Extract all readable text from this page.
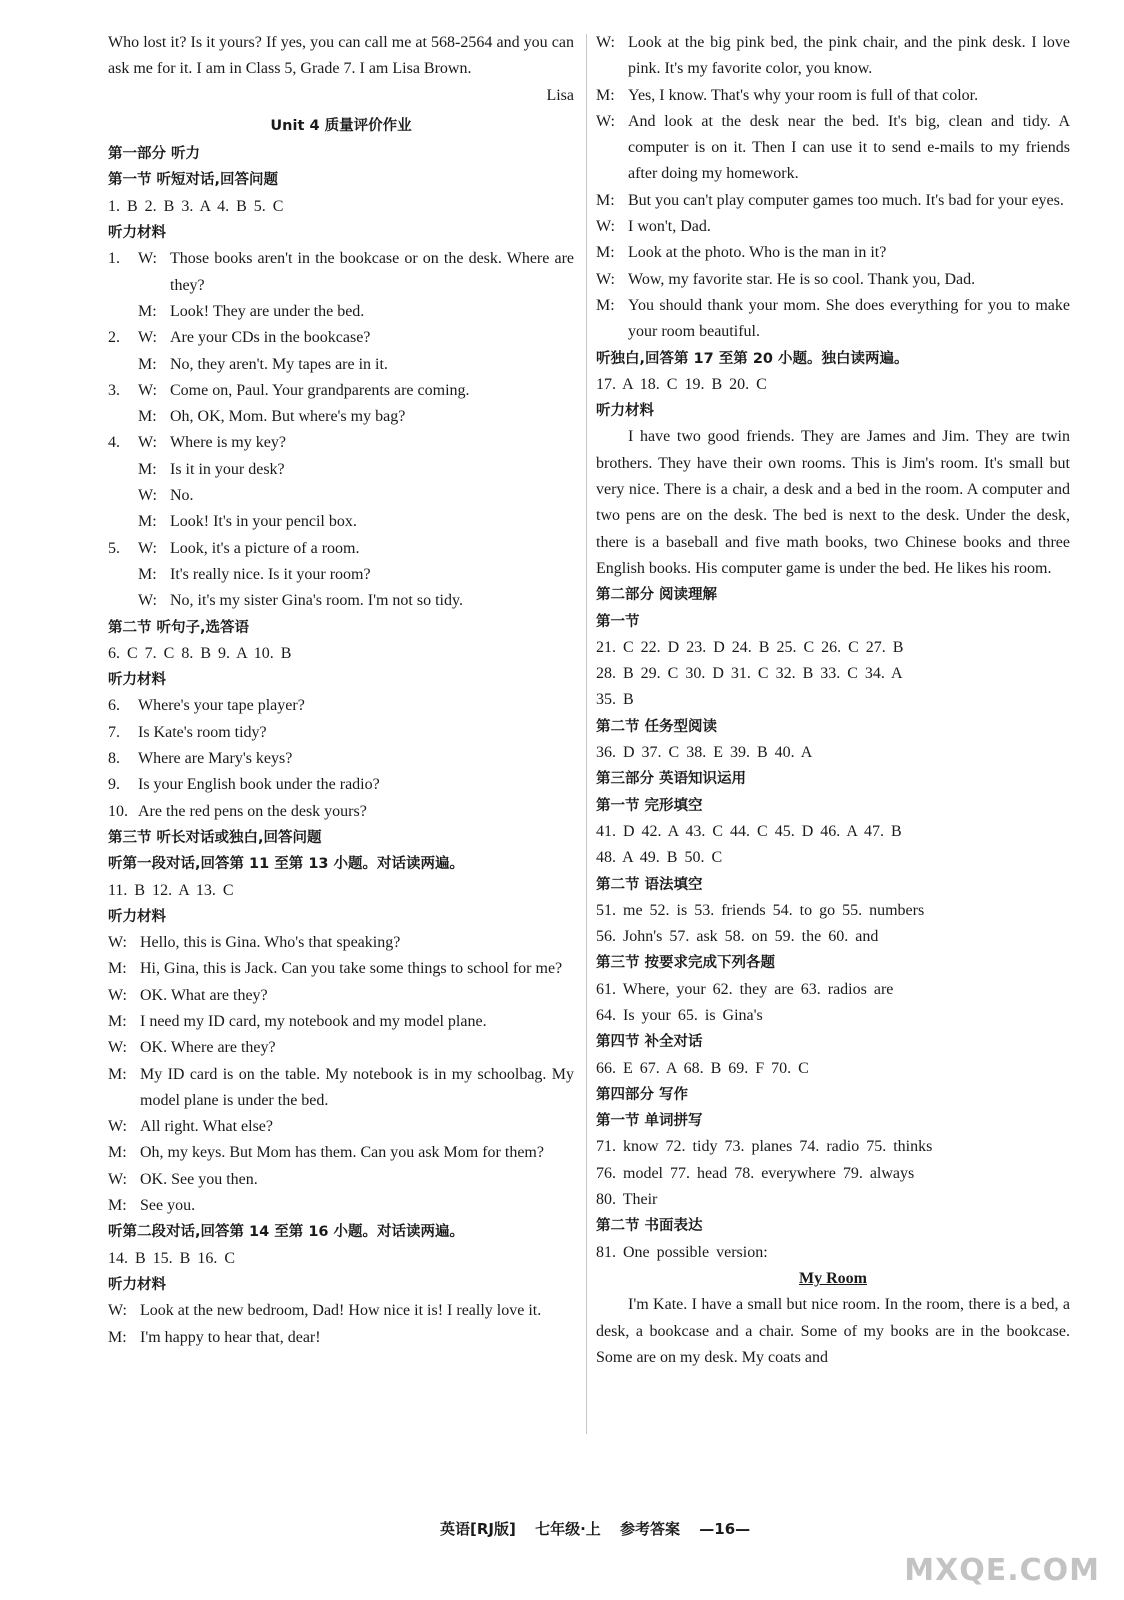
Who lost it? Is it yours? If yes, you can call me at 568-2564 and you can ask me for it. I am in Class 5, Grade 7. I am Lisa Brown.

Lisa

Unit 4 质量评价作业

第一部分 听力

第一节 听短对话,回答问题

1. B 2. B 3. A 4. B 5. C

听力材料

1.	W: Those books aren't in the bookcase or on the desk. Where are they?
M: Look! They are under the bed.
2.	W: Are your CDs in the bookcase?
M: No, they aren't. My tapes are in it.
3.	W: Come on, Paul. Your grandparents are coming.
M: Oh, OK, Mom. But where's my bag?
4.	W: Where is my key?
M: Is it in your desk?
W: No.
M: Look! It's in your pencil box.
5.	W: Look, it's a picture of a room.
M: It's really nice. Is it your room?
W: No, it's my sister Gina's room. I'm not so tidy.

第二节 听句子,选答语

6. C 7. C 8. B 9. A 10. B

听力材料

6.	Where's your tape player?
7.	Is Kate's room tidy?
8.	Where are Mary's keys?
9.	Is your English book under the radio?
10. Are the red pens on the desk yours?

第三节 听长对话或独白,回答问题

听第一段对话,回答第 11 至第 13 小题。对话读两遍。

11. B 12. A 13. C

听力材料

W: Hello, this is Gina. Who's that speaking?
M: Hi, Gina, this is Jack. Can you take some things to school for me?
W: OK. What are they?
M: I need my ID card, my notebook and my model plane.
W: OK. Where are they?
M: My ID card is on the table. My notebook is in my schoolbag. My model plane is under the bed.
W: All right. What else?
M: Oh, my keys. But Mom has them. Can you ask Mom for them?
W: OK. See you then.
M: See you.

听第二段对话,回答第 14 至第 16 小题。对话读两遍。

14. B 15. B 16. C

听力材料

W: Look at the new bedroom, Dad! How nice it is! I really love it.
M: I'm happy to hear that, dear!
W: Look at the big pink bed, the pink chair, and the pink desk. I love pink. It's my favorite color, you know.
M: Yes, I know. That's why your room is full of that color.
W: And look at the desk near the bed. It's big, clean and tidy. A computer is on it. Then I can use it to send e-mails to my friends after doing my homework.
M: But you can't play computer games too much. It's bad for your eyes.
W: I won't, Dad.
M: Look at the photo. Who is the man in it?
W: Wow, my favorite star. He is so cool. Thank you, Dad.
M: You should thank your mom. She does everything for you to make your room beautiful.

听独白,回答第 17 至第 20 小题。独白读两遍。

17. A 18. C 19. B 20. C

听力材料

I have two good friends. They are James and Jim. They are twin brothers. They have their own rooms. This is Jim's room. It's small but very nice. There is a chair, a desk and a bed in the room. A computer and two pens are on the desk. The bed is next to the desk. Under the desk, there is a baseball and five math books, two Chinese books and three English books. His computer game is under the bed. He likes his room.

第二部分 阅读理解

第一节

21. C 22. D 23. D 24. B 25. C 26. C 27. B

28. B 29. C 30. D 31. C 32. B 33. C 34. A

35. B

第二节 任务型阅读

36. D 37. C 38. E 39. B 40. A

第三部分 英语知识运用

第一节 完形填空

41. D 42. A 43. C 44. C 45. D 46. A 47. B

48. A 49. B 50. C

第二节 语法填空

51. me 52. is 53. friends 54. to go 55. numbers

56. John's 57. ask 58. on 59. the 60. and

第三节 按要求完成下列各题

61. Where, your 62. they are 63. radios are

64. Is your 65. is Gina's

第四节 补全对话

66. E 67. A 68. B 69. F 70. C

第四部分 写作

第一节 单词拼写

71. know 72. tidy 73. planes 74. radio 75. thinks

76. model 77. head 78. everywhere 79. always

80. Their

第二节 书面表达

81. One possible version:

My Room

I'm Kate. I have a small but nice room. In the room, there is a bed, a desk, a bookcase and a chair. Some of my books are in the bookcase. Some are on my desk. My coats and

英语[RJ版] 七年级·上 参考答案 —16—
MXQE.COM
